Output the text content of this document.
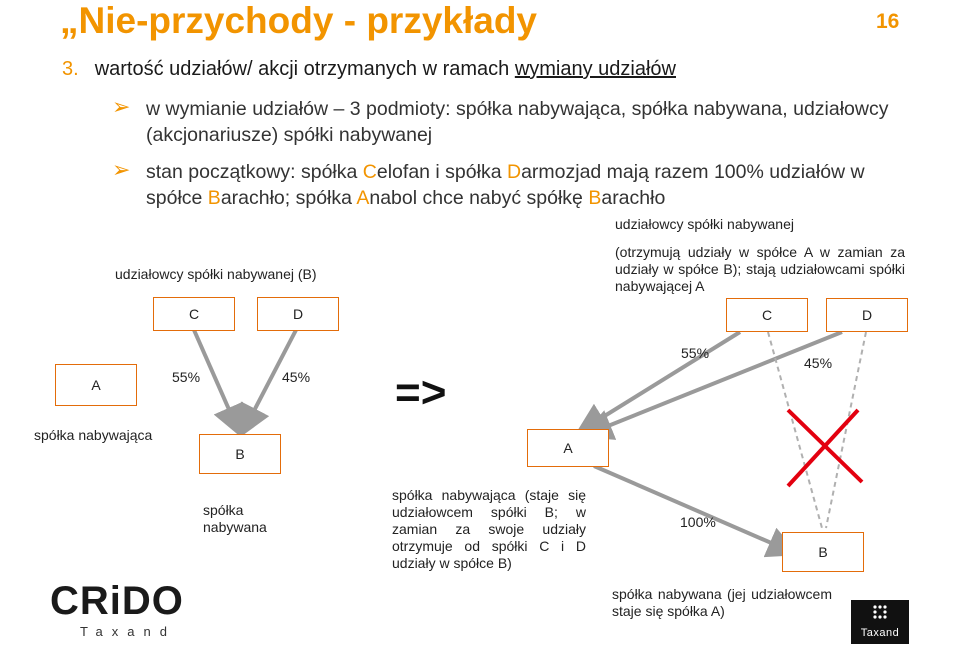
„Nie-przychody - przykłady	16
3. wartość udziałów/ akcji otrzymanych w ramach wymiany udziałów
➢ w wymianie udziałów – 3 podmioty: spółka nabywająca, spółka nabywana, udziałowcy (akcjonariusze) spółki nabywanej
➢ stan początkowy: spółka Celofan i spółka Darmozjad mają razem 100% udziałów w spółce Barachło; spółka Anabol chce nabyć spółkę Barachło
udziałowcy spółki nabywanej (B)
C	D
A	55%	45%
spółka nabywająca
B
spółka nabywana
=>
spółka nabywająca (staje się udziałowcem spółki B; w zamian za swoje udziały otrzymuje od spółki C i D udziały w spółce B)
udziałowcy spółki nabywanej
(otrzymują udziały w spółce A w zamian za udziały w spółce B); stają udziałowcami spółki nabywającej A
C	D
55%
45%
A
100%
B
spółka nabywana (jej udziałowcem staje się spółka A)
CRiDO
Taxand	Taxand
